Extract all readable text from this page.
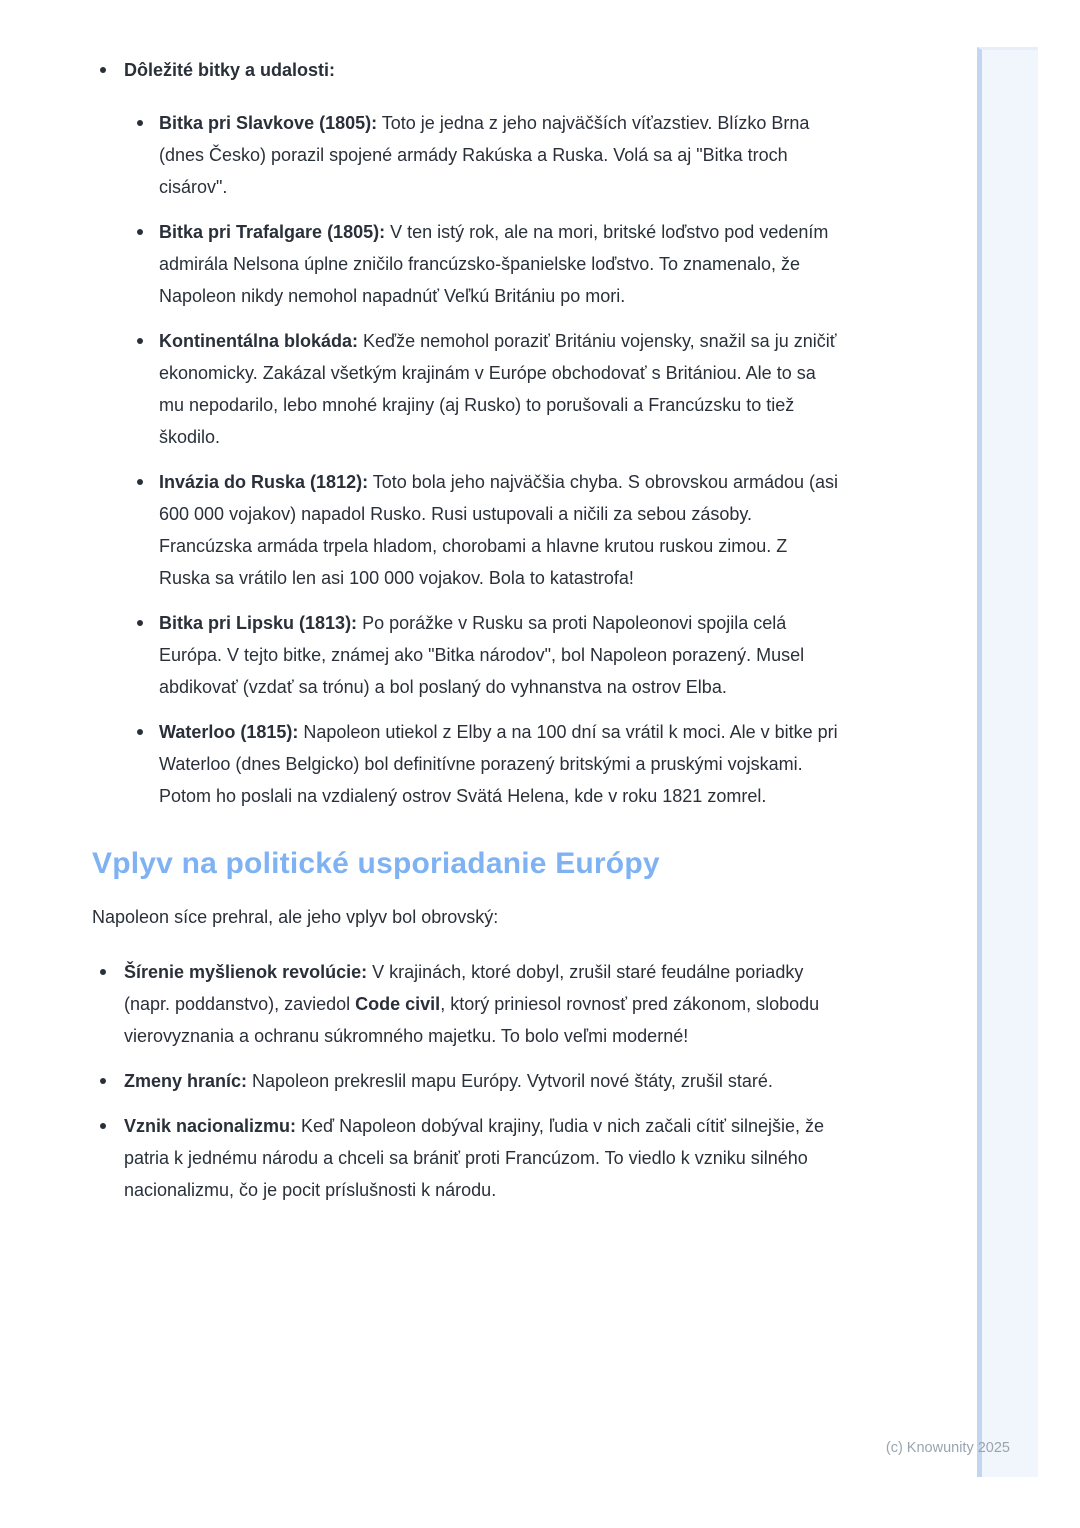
Dôležité bitky a udalosti:
Bitka pri Slavkove (1805): Toto je jedna z jeho najväčších víťazstiev. Blízko Brna (dnes Česko) porazil spojené armády Rakúska a Ruska. Volá sa aj "Bitka troch cisárov".
Bitka pri Trafalgare (1805): V ten istý rok, ale na mori, britské loďstvo pod vedením admirála Nelsona úplne zničilo francúzsko-španielske loďstvo. To znamenalo, že Napoleon nikdy nemohol napadnúť Veľkú Britániu po mori.
Kontinentálna blokáda: Keďže nemohol poraziť Britániu vojensky, snažil sa ju zničiť ekonomicky. Zakázal všetkým krajinám v Európe obchodovať s Britániou. Ale to sa mu nepodarilo, lebo mnohé krajiny (aj Rusko) to porušovali a Francúzsku to tiež škodilo.
Invázia do Ruska (1812): Toto bola jeho najväčšia chyba. S obrovskou armádou (asi 600 000 vojakov) napadol Rusko. Rusi ustupovali a ničili za sebou zásoby. Francúzska armáda trpela hladom, chorobami a hlavne krutou ruskou zimou. Z Ruska sa vrátilo len asi 100 000 vojakov. Bola to katastrofa!
Bitka pri Lipsku (1813): Po porážke v Rusku sa proti Napoleonovi spojila celá Európa. V tejto bitke, známej ako "Bitka národov", bol Napoleon porazený. Musel abdikovať (vzdať sa trónu) a bol poslaný do vyhnanstva na ostrov Elba.
Waterloo (1815): Napoleon utiekol z Elby a na 100 dní sa vrátil k moci. Ale v bitke pri Waterloo (dnes Belgicko) bol definitívne porazený britskými a pruskými vojskami. Potom ho poslali na vzdialený ostrov Svätá Helena, kde v roku 1821 zomrel.
Vplyv na politické usporiadanie Európy

Napoleon síce prehral, ale jeho vplyv bol obrovský:

Šírenie myšlienok revolúcie: V krajinách, ktoré dobyl, zrušil staré feudálne poriadky (napr. poddanstvo), zaviedol Code civil, ktorý priniesol rovnosť pred zákonom, slobodu vierovyznania a ochranu súkromného majetku. To bolo veľmi moderné!
Zmeny hraníc: Napoleon prekreslil mapu Európy. Vytvoril nové štáty, zrušil staré.
Vznik nacionalizmu: Keď Napoleon dobýval krajiny, ľudia v nich začali cítiť silnejšie, že patria k jednému národu a chceli sa brániť proti Francúzom. To viedlo k vzniku silného nacionalizmu, čo je pocit príslušnosti k národu.
(c) Knowunity 2025
